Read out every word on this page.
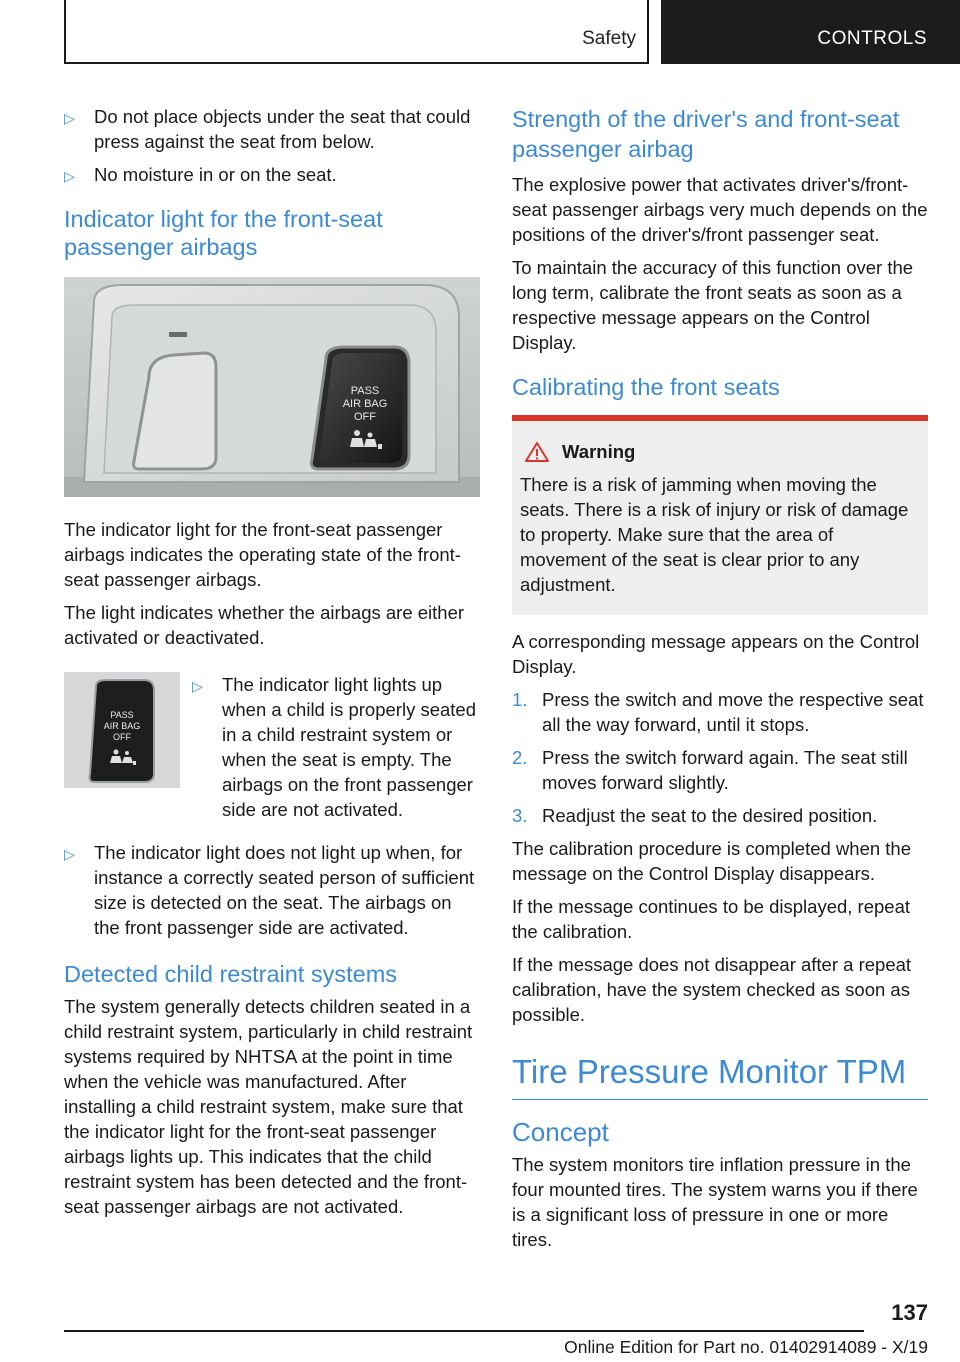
Safety	CONTROLS
▷ Do not place objects under the seat that could press against the seat from below.
▷ No moisture in or on the seat.
Indicator light for the front-seat passenger airbags
PASS
AIR BAG
OFF

The indicator light for the front-seat passenger airbags indicates the operating state of the front-seat passenger airbags.

The light indicates whether the airbags are either activated or deactivated.

PASS
AIR BAG
OFF
▷ The indicator light lights up when a child is properly seated in a child restraint system or when the seat is empty. The airbags on the front passenger side are not activated.
▷ The indicator light does not light up when, for instance a correctly seated person of sufficient size is detected on the seat. The airbags on the front passenger side are activated.
Detected child restraint systems

The system generally detects children seated in a child restraint system, particularly in child restraint systems required by NHTSA at the point in time when the vehicle was manufactured. After installing a child restraint system, make sure that the indicator light for the front-seat passenger airbags lights up. This indicates that the child restraint system has been detected and the front-seat passenger airbags are not activated.

Strength of the driver's and front-seat passenger airbag

The explosive power that activates driver's/front-seat passenger airbags very much depends on the positions of the driver's/front passenger seat.

To maintain the accuracy of this function over the long term, calibrate the front seats as soon as a respective message appears on the Control Display.

Calibrating the front seats
Warning

There is a risk of jamming when moving the seats. There is a risk of injury or risk of damage to property. Make sure that the area of movement of the seat is clear prior to any adjustment.

A corresponding message appears on the Control Display.

1. Press the switch and move the respective seat all the way forward, until it stops.
2. Press the switch forward again. The seat still moves forward slightly.
3. Readjust the seat to the desired position.

The calibration procedure is completed when the message on the Control Display disappears.

If the message continues to be displayed, repeat the calibration.

If the message does not disappear after a repeat calibration, have the system checked as soon as possible.

Tire Pressure Monitor TPM
Concept

The system monitors tire inflation pressure in the four mounted tires. The system warns you if there is a significant loss of pressure in one or more tires.

137
Online Edition for Part no. 01402914089 - X/19
